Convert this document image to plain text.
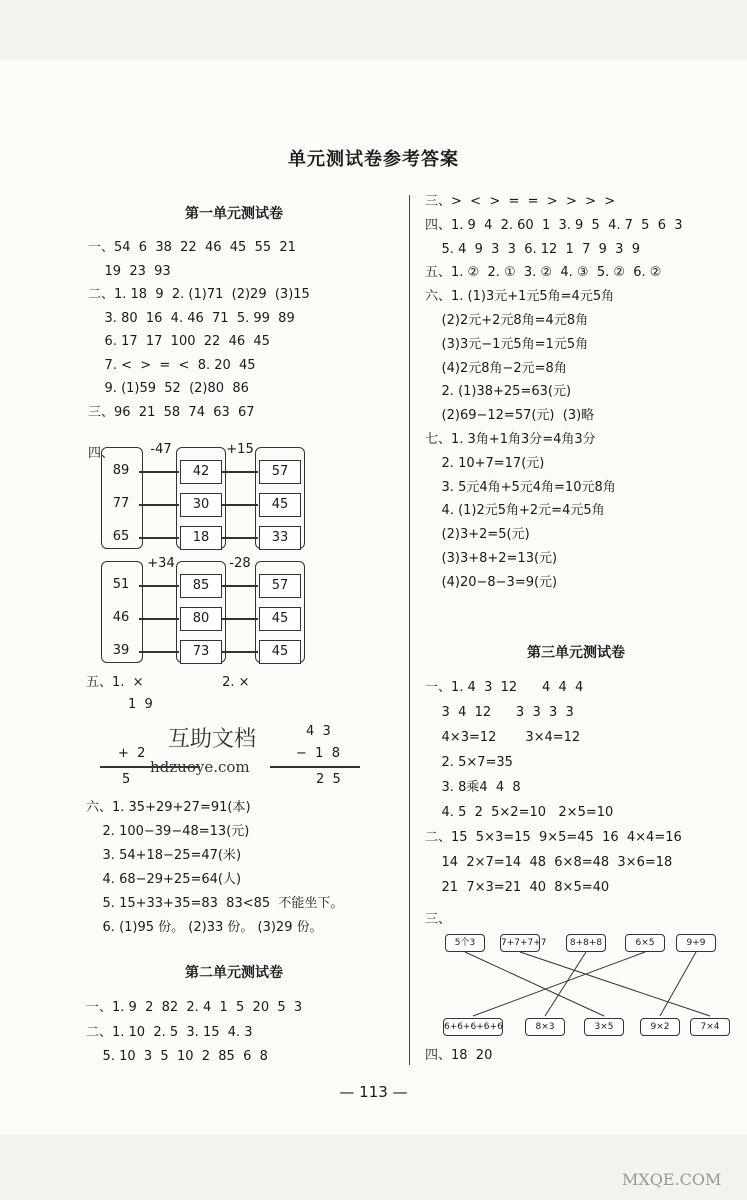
单元测试卷参考答案
第一单元测试卷
一、54  6  38  22  46  45  55  21
19  23  93
二、1. 18  9  2. (1)71  (2)29  (3)15
3. 80  16  4. 46  71  5. 99  89
6. 17  17  100  22  46  45
7. <  >  =  <  8. 20  45
9. (1)59  52  (2)80  86
三、96  21  58  74  63  67
四、
89	42	57
77	30	45
65	18	33
-47	+15
51	85	57
46	80	45
39	73	45
+34	-28
五、1.  ×                   2. ×
1  9
4  3
+  2	−  1  8
5	2  5
互助文档
hdzuoye.com
六、1. 35+29+27=91(本)
2. 100−39−48=13(元)
3. 54+18−25=47(米)
4. 68−29+25=64(人)
5. 15+33+35=83  83<85  不能坐下。
6. (1)95 份。 (2)33 份。 (3)29 份。
第二单元测试卷
一、1. 9  2  82  2. 4  1  5  20  5  3
二、1. 10  2. 5  3. 15  4. 3
5. 10  3  5  10  2  85  6  8
三、>  <  >  =  =  >  >  >  >
四、1. 9  4  2. 60  1  3. 9  5  4. 7  5  6  3
5. 4  9  3  3  6. 12  1  7  9  3  9
五、1. ②  2. ①  3. ②  4. ③  5. ②  6. ②
六、1. (1)3元+1元5角=4元5角
(2)2元+2元8角=4元8角
(3)3元−1元5角=1元5角
(4)2元8角−2元=8角
2. (1)38+25=63(元)
(2)69−12=57(元)  (3)略
七、1. 3角+1角3分=4角3分
2. 10+7=17(元)
3. 5元4角+5元4角=10元8角
4. (1)2元5角+2元=4元5角
(2)3+2=5(元)
(3)3+8+2=13(元)
(4)20−8−3=9(元)
第三单元测试卷
一、1. 4  3  12      4  4  4
3  4  12      3  3  3  3
4×3=12       3×4=12
2. 5×7=35
3. 8乘4  4  8
4. 5  2  5×2=10   2×5=10
二、15  5×3=15  9×5=45  16  4×4=16
14  2×7=14  48  6×8=48  3×6=18
21  7×3=21  40  8×5=40
三、
5个3	7+7+7+7	8+8+8	6×5	9+9
6+6+6+6+6	8×3	3×5	9×2	7×4
四、18  20
— 113 —
MXQE.COM
